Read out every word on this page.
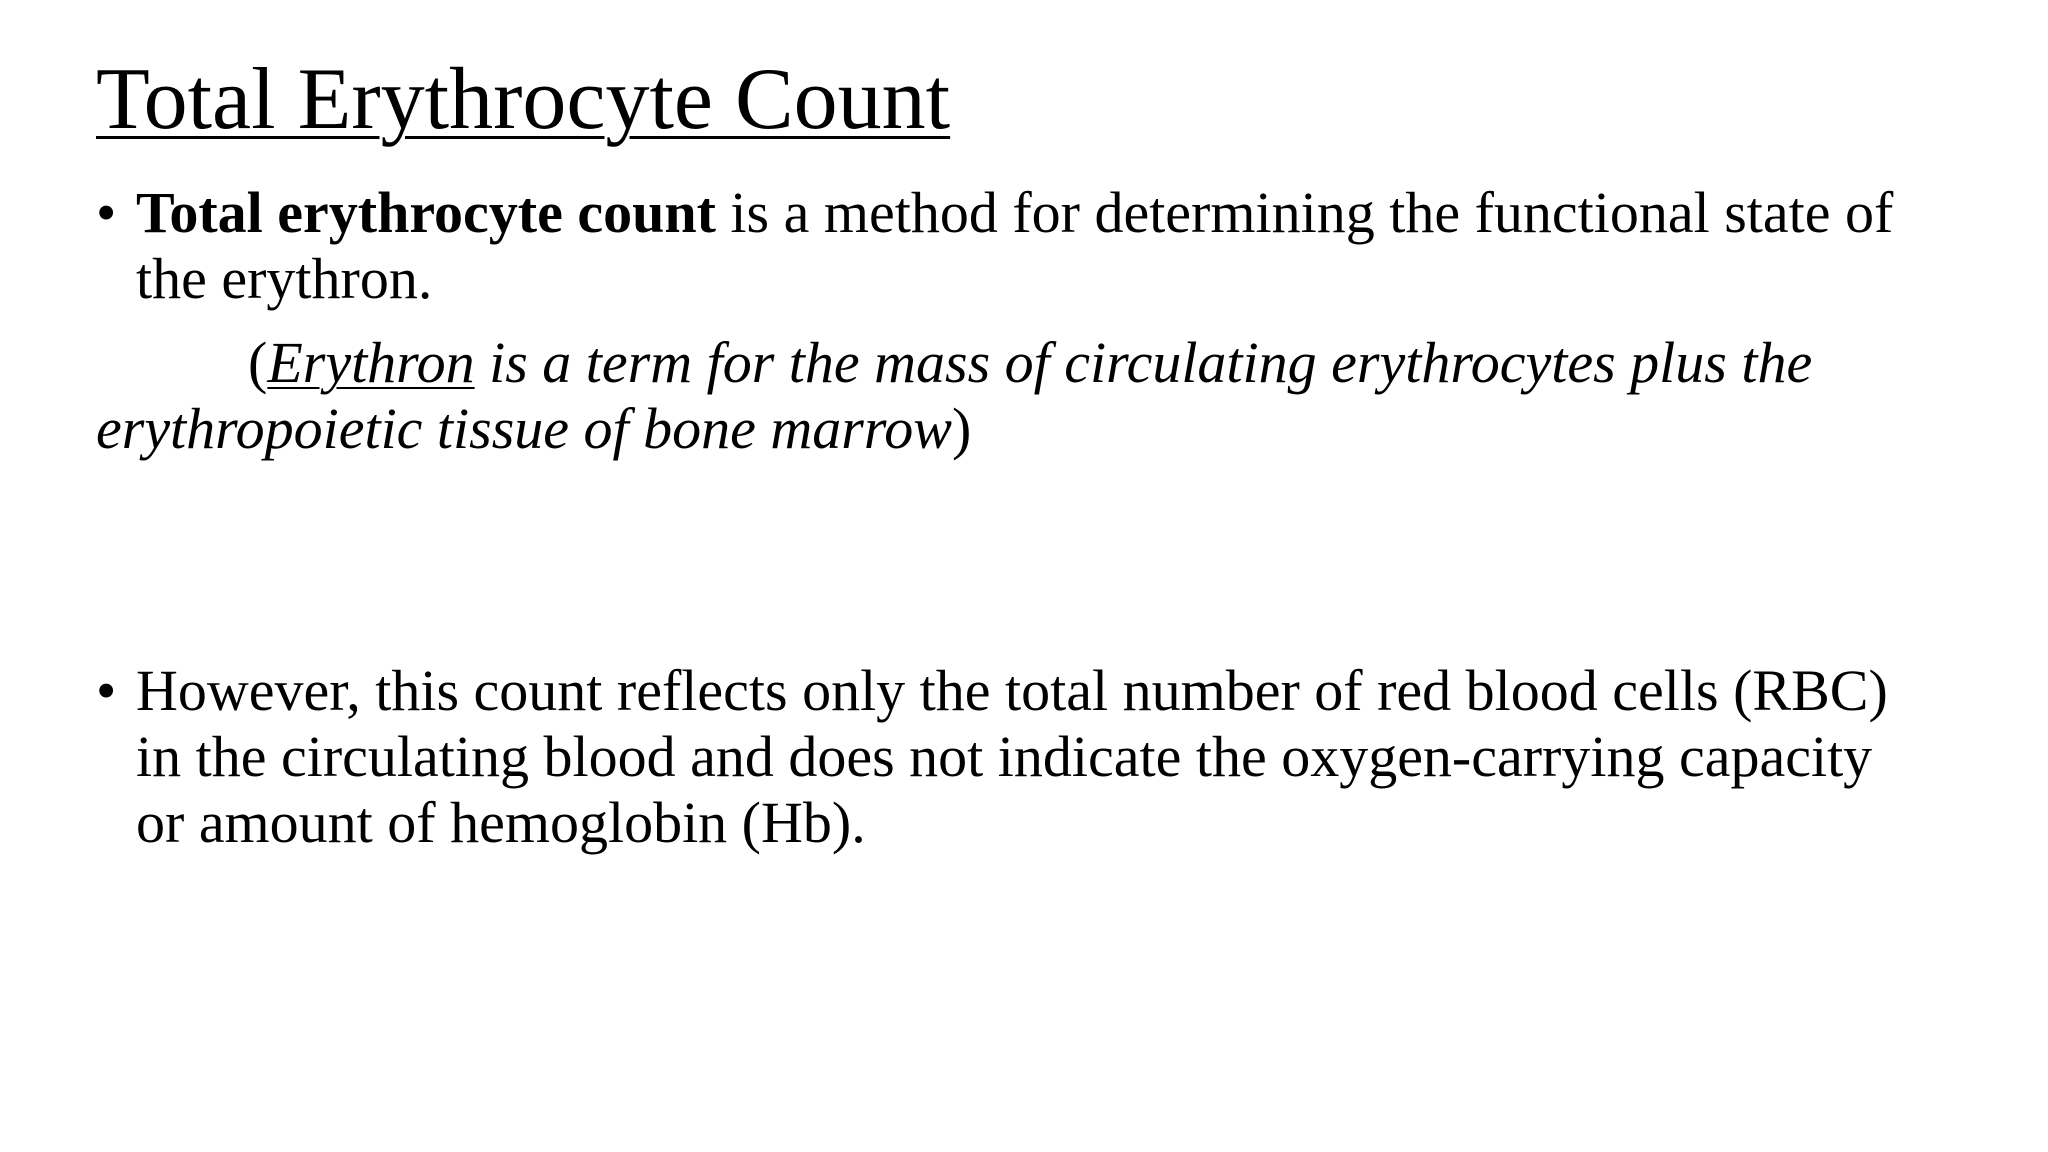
Total Erythrocyte Count
• Total erythrocyte count is a method for determining the functional state of the erythron.
(Erythron is a term for the mass of circulating erythrocytes plus the erythropoietic tissue of bone marrow)
• However, this count reflects only the total number of red blood cells (RBC) in the circulating blood and does not indicate the oxygen-carrying capacity or amount of hemoglobin (Hb).
